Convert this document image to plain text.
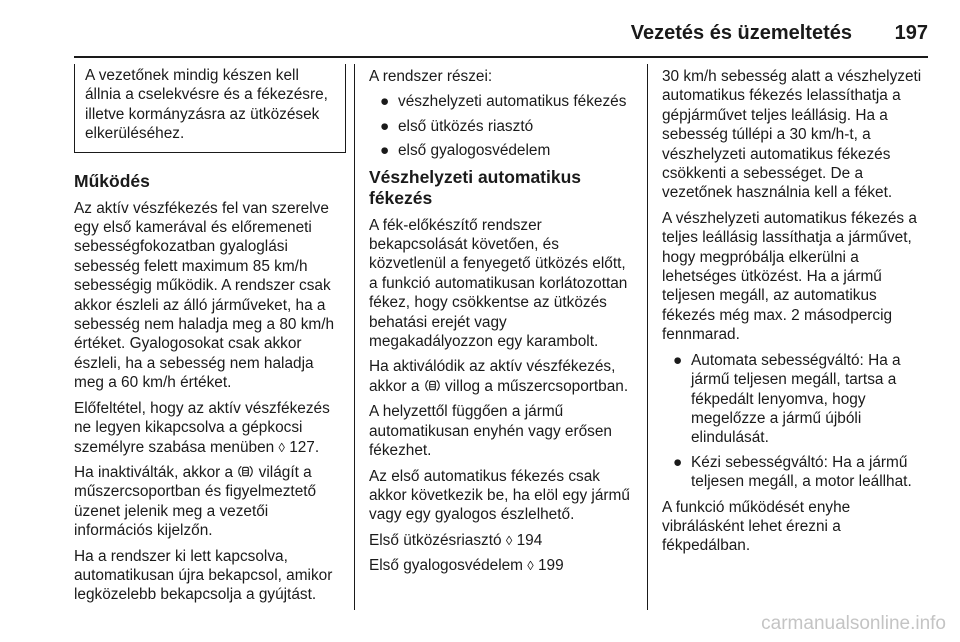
Vezetés és üzemeltetés	197

A vezetőnek mindig készen kell állnia a cselekvésre és a fékezésre, illetve kormányzásra az ütközések elkerüléséhez.

Működés

Az aktív vészfékezés fel van szerelve egy első kamerával és előremeneti sebességfokozatban gyaloglási sebesség felett maximum 85 km/h sebességig működik. A rendszer csak akkor észleli az álló járműveket, ha a sebesség nem haladja meg a 80 km/h értéket. Gyalogosokat csak akkor észleli, ha a sebesség nem haladja meg a 60 km/h értéket.

Előfeltétel, hogy az aktív vészfékezés ne legyen kikapcsolva a gépkocsi személyre szabása menüben ◊ 127.

Ha inaktiválták, akkor a világít a műszercsoportban és figyelmeztető üzenet jelenik meg a vezetői információs kijelzőn.

Ha a rendszer ki lett kapcsolva, automatikusan újra bekapcsol, amikor legközelebb bekapcsolja a gyújtást.

A rendszer részei:

● vészhelyzeti automatikus fékezés
● első ütközés riasztó
● első gyalogosvédelem
Vészhelyzeti automatikus fékezés

A fék-előkészítő rendszer bekapcsolását követően, és közvetlenül a fenyegető ütközés előtt, a funkció automatikusan korlátozottan fékez, hogy csökkentse az ütközés behatási erejét vagy megakadályozzon egy karambolt.

Ha aktiválódik az aktív vészfékezés, akkor a villog a műszercsoportban.

A helyzettől függően a jármű automatikusan enyhén vagy erősen fékezhet.

Az első automatikus fékezés csak akkor következik be, ha elöl egy jármű vagy egy gyalogos észlelhető.

Első ütközésriasztó ◊ 194

Első gyalogosvédelem ◊ 199

30 km/h sebesség alatt a vészhelyzeti automatikus fékezés lelassíthatja a gépjárművet teljes leállásig. Ha a sebesség túllépi a 30 km/h-t, a vészhelyzeti automatikus fékezés csökkenti a sebességet. De a vezetőnek használnia kell a féket.

A vészhelyzeti automatikus fékezés a teljes leállásig lassíthatja a járművet, hogy megpróbálja elkerülni a lehetséges ütközést. Ha a jármű teljesen megáll, az automatikus fékezés még max. 2 másodpercig fennmarad.

● Automata sebességváltó: Ha a jármű teljesen megáll, tartsa a fékpedált lenyomva, hogy megelőzze a jármű újbóli elindulását.
● Kézi sebességváltó: Ha a jármű teljesen megáll, a motor leállhat.

A funkció működését enyhe vibrálásként lehet érezni a fékpedálban.

carmanualsonline.info
